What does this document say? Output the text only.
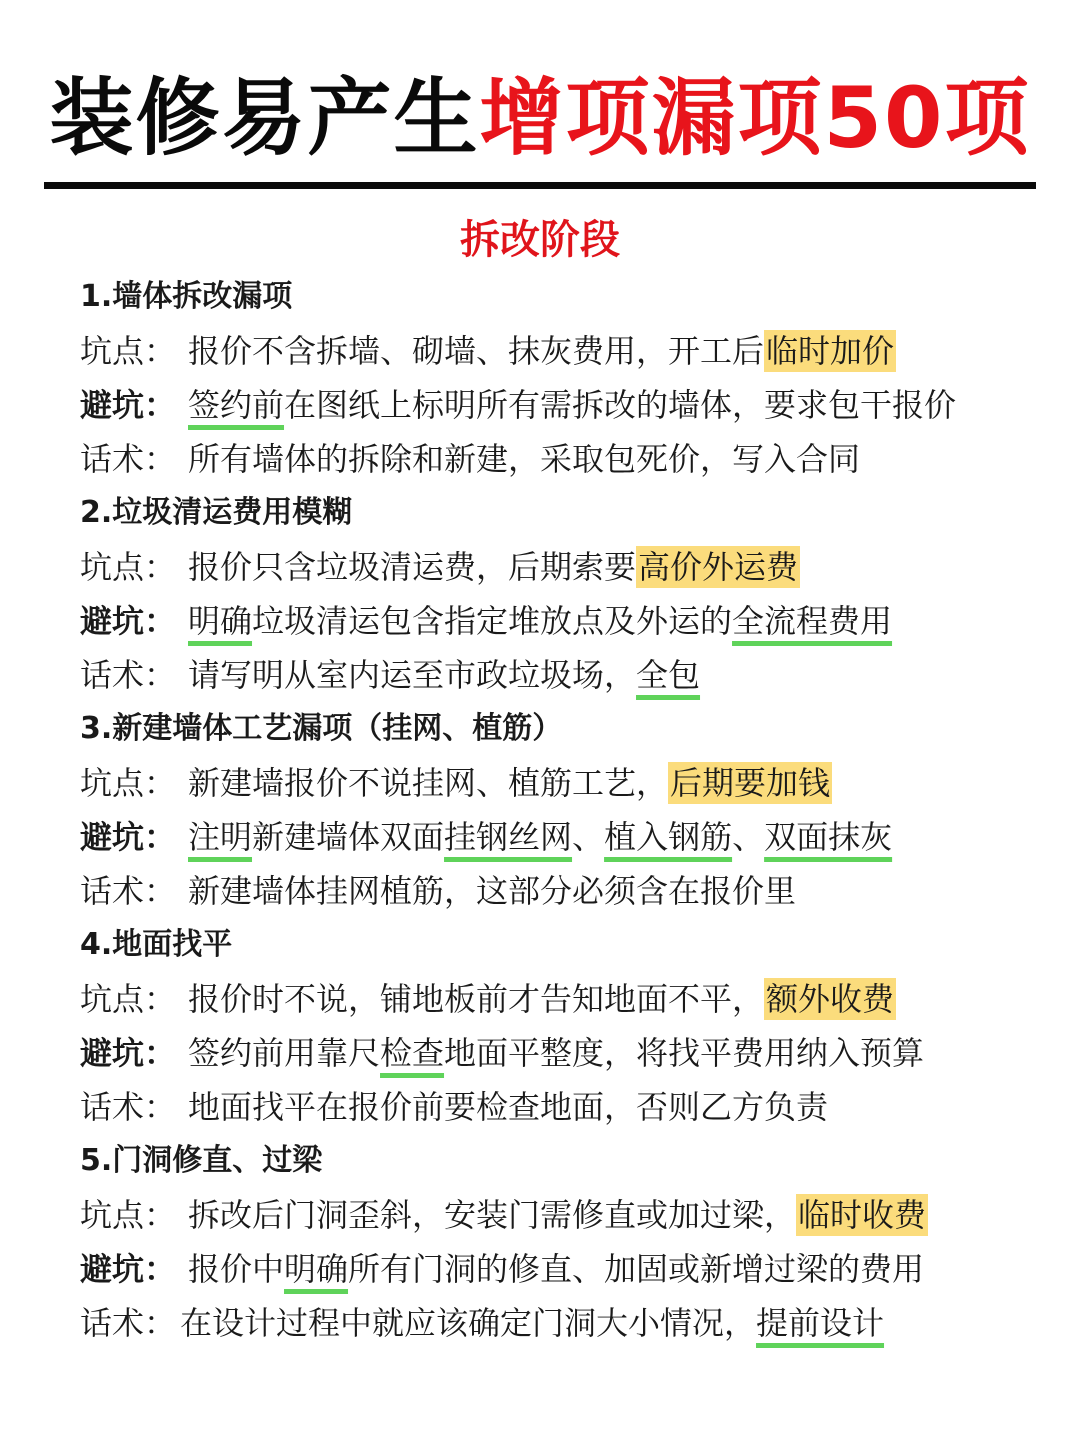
装修易产生增项漏项50项
拆改阶段
1.墙体拆改漏项
坑点： 报价不含拆墙、砌墙、抹灰费用，开工后临时加价
避坑： 签约前在图纸上标明所有需拆改的墙体，要求包干报价
话术： 所有墙体的拆除和新建，采取包死价，写入合同
2.垃圾清运费用模糊
坑点： 报价只含垃圾清运费，后期索要高价外运费
避坑： 明确垃圾清运包含指定堆放点及外运的全流程费用
话术： 请写明从室内运至市政垃圾场，全包
3.新建墙体工艺漏项（挂网、植筋）
坑点： 新建墙报价不说挂网、植筋工艺，后期要加钱
避坑： 注明新建墙体双面挂钢丝网、植入钢筋、双面抹灰
话术： 新建墙体挂网植筋，这部分必须含在报价里
4.地面找平
坑点： 报价时不说，铺地板前才告知地面不平，额外收费
避坑： 签约前用靠尺检查地面平整度，将找平费用纳入预算
话术： 地面找平在报价前要检查地面，否则乙方负责
5.门洞修直、过梁
坑点： 拆改后门洞歪斜，安装门需修直或加过梁，临时收费
避坑： 报价中明确所有门洞的修直、加固或新增过梁的费用
话术： 在设计过程中就应该确定门洞大小情况，提前设计
